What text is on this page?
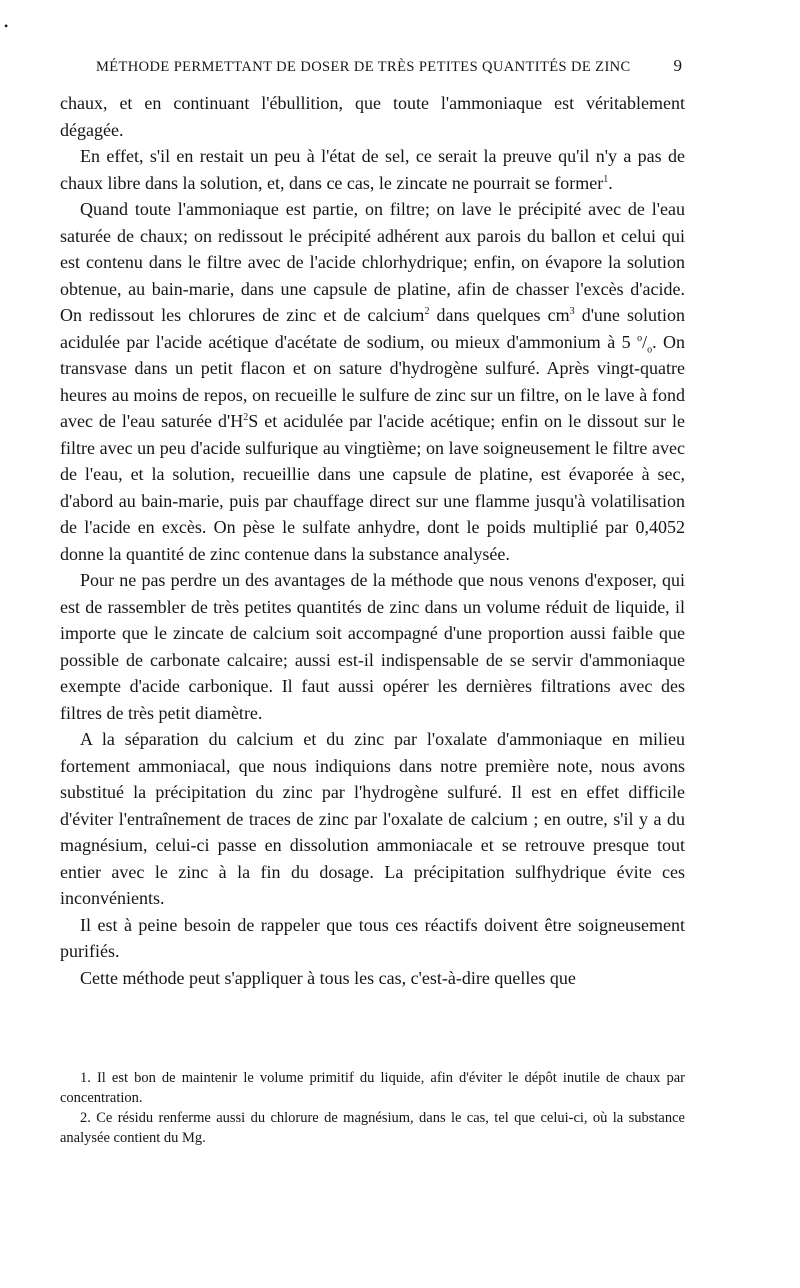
•
MÉTHODE PERMETTANT DE DOSER DE TRÈS PETITES QUANTITÉS DE ZINC	9

chaux, et en continuant l'ébullition, que toute l'ammoniaque est véritablement dégagée.

En effet, s'il en restait un peu à l'état de sel, ce serait la preuve qu'il n'y a pas de chaux libre dans la solution, et, dans ce cas, le zincate ne pourrait se former$^1$.

Quand toute l'ammoniaque est partie, on filtre; on lave le précipité avec de l'eau saturée de chaux; on redissout le précipité adhérent aux parois du ballon et celui qui est contenu dans le filtre avec de l'acide chlorhydrique; enfin, on évapore la solution obtenue, au bain-marie, dans une capsule de platine, afin de chasser l'excès d'acide. On redissout les chlorures de zinc et de calcium$^2$ dans quelques $cm^3$ d'une solution acidulée par l'acide acétique d'acétate de sodium, ou mieux d'ammonium à 5 $^o/_o$. On transvase dans un petit flacon et on sature d'hydrogène sulfuré. Après vingt-quatre heures au moins de repos, on recueille le sulfure de zinc sur un filtre, on le lave à fond avec de l'eau saturée $d'H^2S$ et acidulée par l'acide acétique; enfin on le dissout sur le filtre avec un peu d'acide sulfurique au vingtième; on lave soigneusement le filtre avec de l'eau, et la solution, recueillie dans une capsule de platine, est évaporée à sec, d'abord au bain-marie, puis par chauffage direct sur une flamme jusqu'à volatilisation de l'acide en excès. On pèse le sulfate anhydre, dont le poids multiplié par 0,4052 donne la quantité de zinc contenue dans la substance analysée.

Pour ne pas perdre un des avantages de la méthode que nous venons d'exposer, qui est de rassembler de très petites quantités de zinc dans un volume réduit de liquide, il importe que le zincate de calcium soit accompagné d'une proportion aussi faible que possible de carbonate calcaire; aussi est-il indispensable de se servir d'ammoniaque exempte d'acide carbonique. Il faut aussi opérer les dernières filtrations avec des filtres de très petit diamètre.

A la séparation du calcium et du zinc par l'oxalate d'ammoniaque en milieu fortement ammoniacal, que nous indiquions dans notre première note, nous avons substitué la précipitation du zinc par l'hydrogène sulfuré. Il est en effet difficile d'éviter l'entraînement de traces de zinc par l'oxalate de calcium ; en outre, s'il y a du magnésium, celui-ci passe en dissolution ammoniacale et se retrouve presque tout entier avec le zinc à la fin du dosage. La précipitation sulfhydrique évite ces inconvénients.

Il est à peine besoin de rappeler que tous ces réactifs doivent être soigneusement purifiés.

Cette méthode peut s'appliquer à tous les cas, c'est-à-dire quelles que

1. Il est bon de maintenir le volume primitif du liquide, afin d'éviter le dépôt inutile de chaux par concentration.

2. Ce résidu renferme aussi du chlorure de magnésium, dans le cas, tel que celui-ci, où la substance analysée contient du Mg.
